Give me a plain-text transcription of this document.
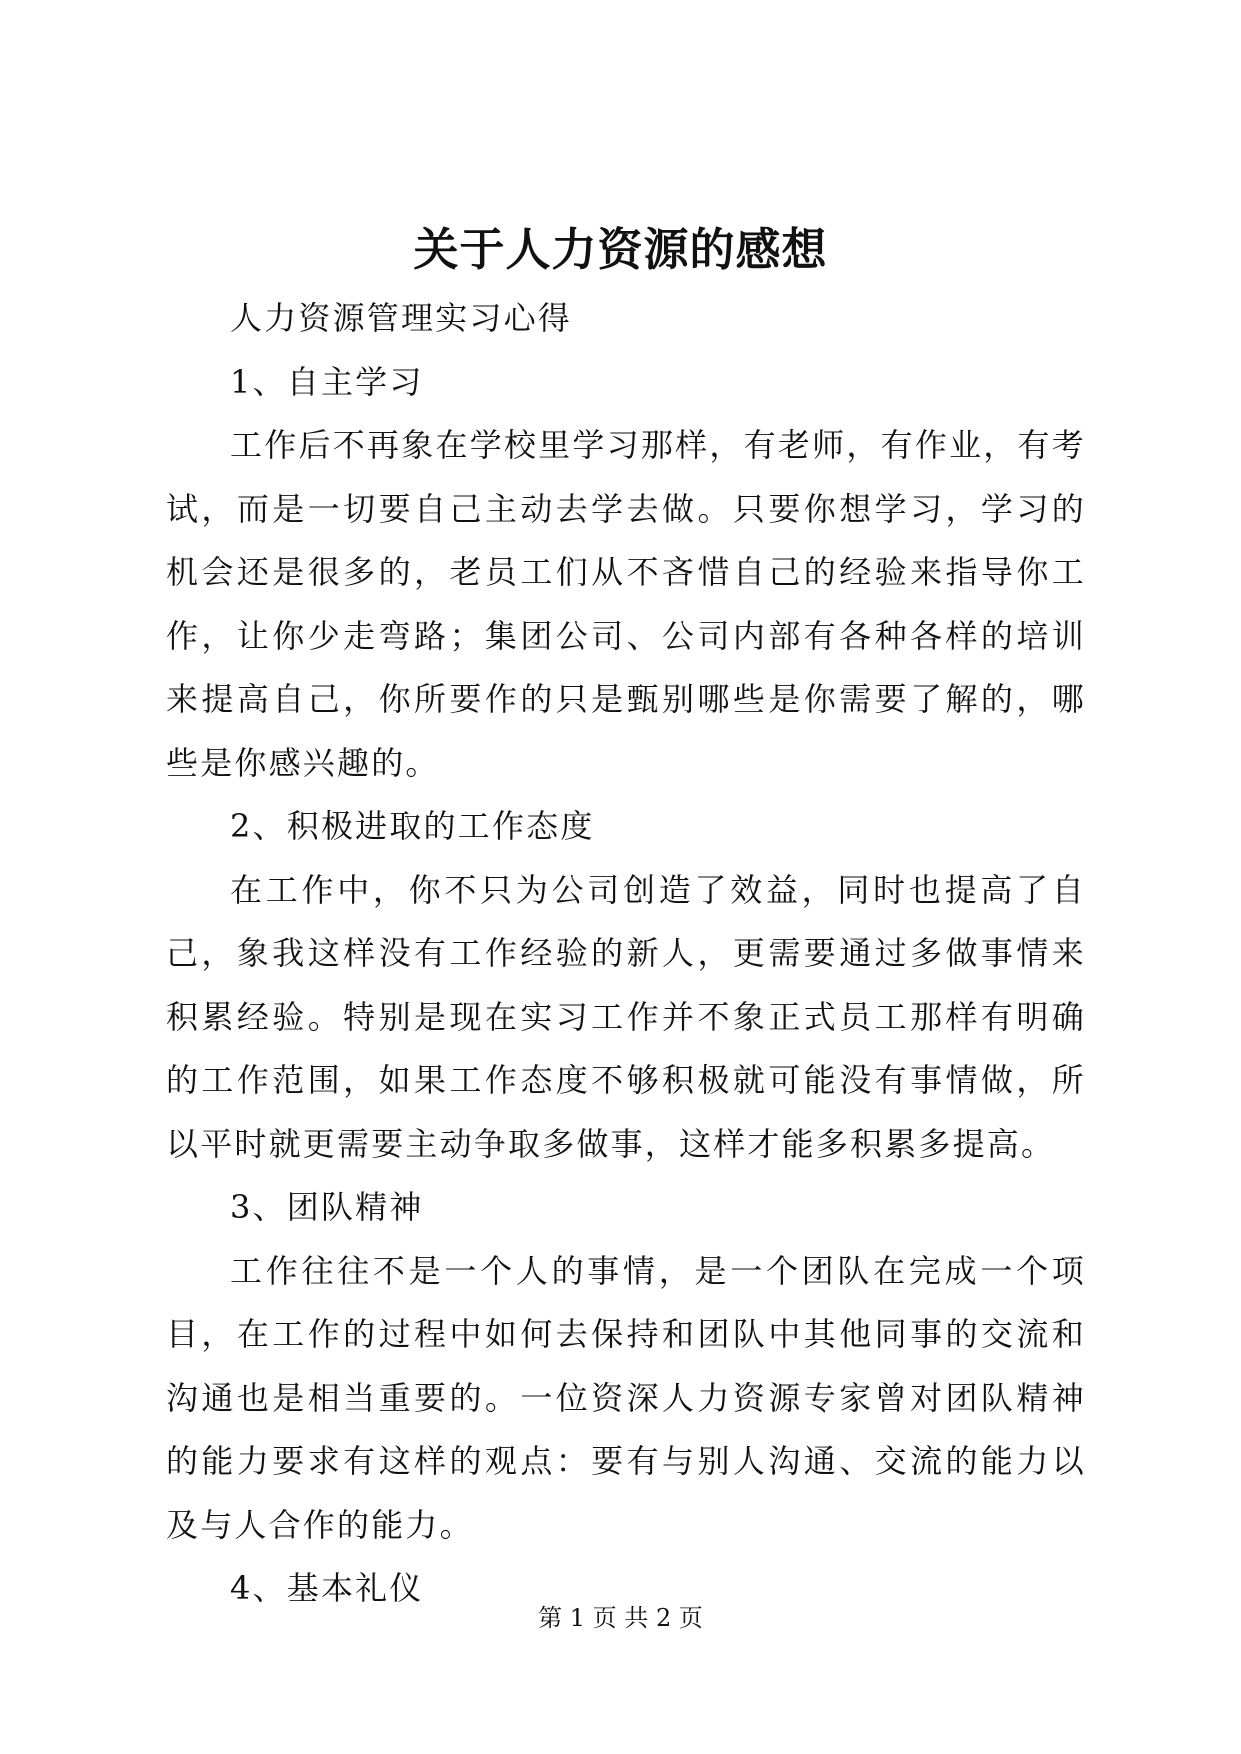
关于人力资源的感想

人力资源管理实习心得

1、自主学习

工作后不再象在学校里学习那样，有老师，有作业，有考试，而是一切要自己主动去学去做。只要你想学习，学习的机会还是很多的，老员工们从不吝惜自己的经验来指导你工作，让你少走弯路；集团公司、公司内部有各种各样的培训来提高自己，你所要作的只是甄别哪些是你需要了解的，哪些是你感兴趣的。

2、积极进取的工作态度

在工作中，你不只为公司创造了效益，同时也提高了自己，象我这样没有工作经验的新人，更需要通过多做事情来积累经验。特别是现在实习工作并不象正式员工那样有明确的工作范围，如果工作态度不够积极就可能没有事情做，所以平时就更需要主动争取多做事，这样才能多积累多提高。

3、团队精神

工作往往不是一个人的事情，是一个团队在完成一个项目，在工作的过程中如何去保持和团队中其他同事的交流和沟通也是相当重要的。一位资深人力资源专家曾对团队精神的能力要求有这样的观点：要有与别人沟通、交流的能力以及与人合作的能力。

4、基本礼仪

第 1 页 共 2 页
